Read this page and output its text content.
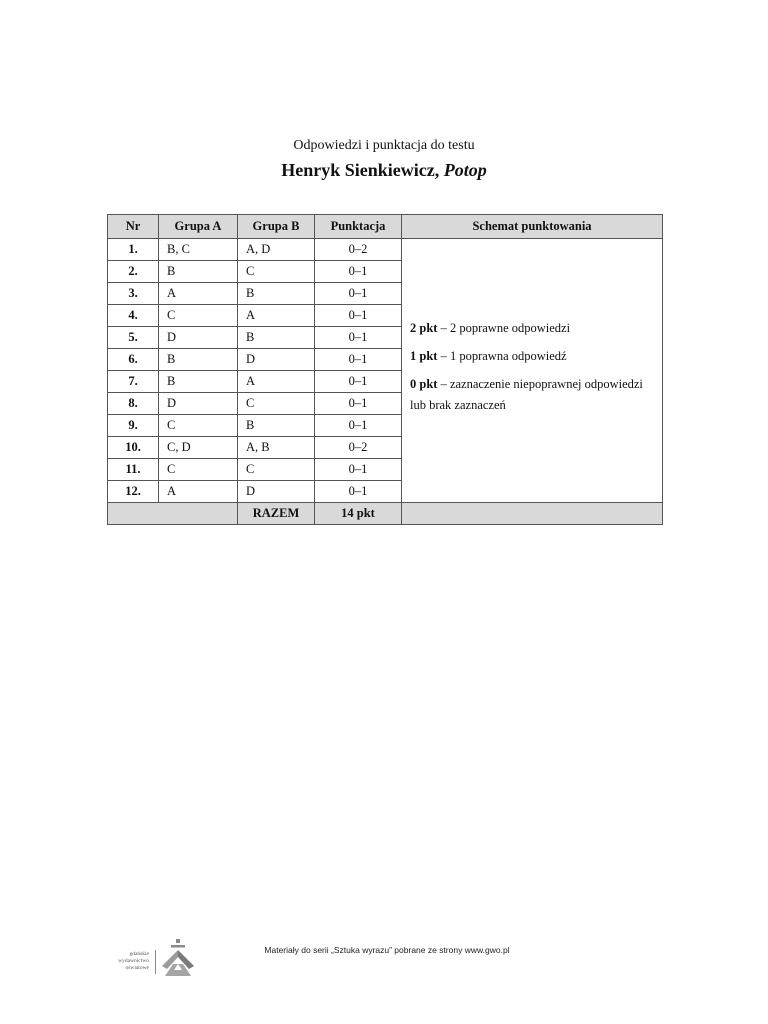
Odpowiedzi i punktacja do testu
Henryk Sienkiewicz, Potop
Nr	Grupa A	Grupa B	Punktacja	Schemat punktowania
1.	B, C	A, D	0–2	2 pkt – 2 poprawne odpowiedzi

1 pkt – 1 poprawna odpowiedź

0 pkt – zaznaczenie niepoprawnej odpowiedzi lub brak zaznaczeń

2.	B	C	0–1	
3.	A	B	0–1	
4.	C	A	0–1	
5.	D	B	0–1	
6.	B	D	0–1	
7.	B	A	0–1	
8.	D	C	0–1	
9.	C	B	0–1	
10.	C, D	A, B	0–2	
11.	C	C	0–1	
12.	A	D	0–1	
		RAZEM	14 pkt	
gdańskie
wydawnictwo
oświatowe
Materiały do serii „Sztuka wyrazu” pobrane ze strony www.gwo.pl
